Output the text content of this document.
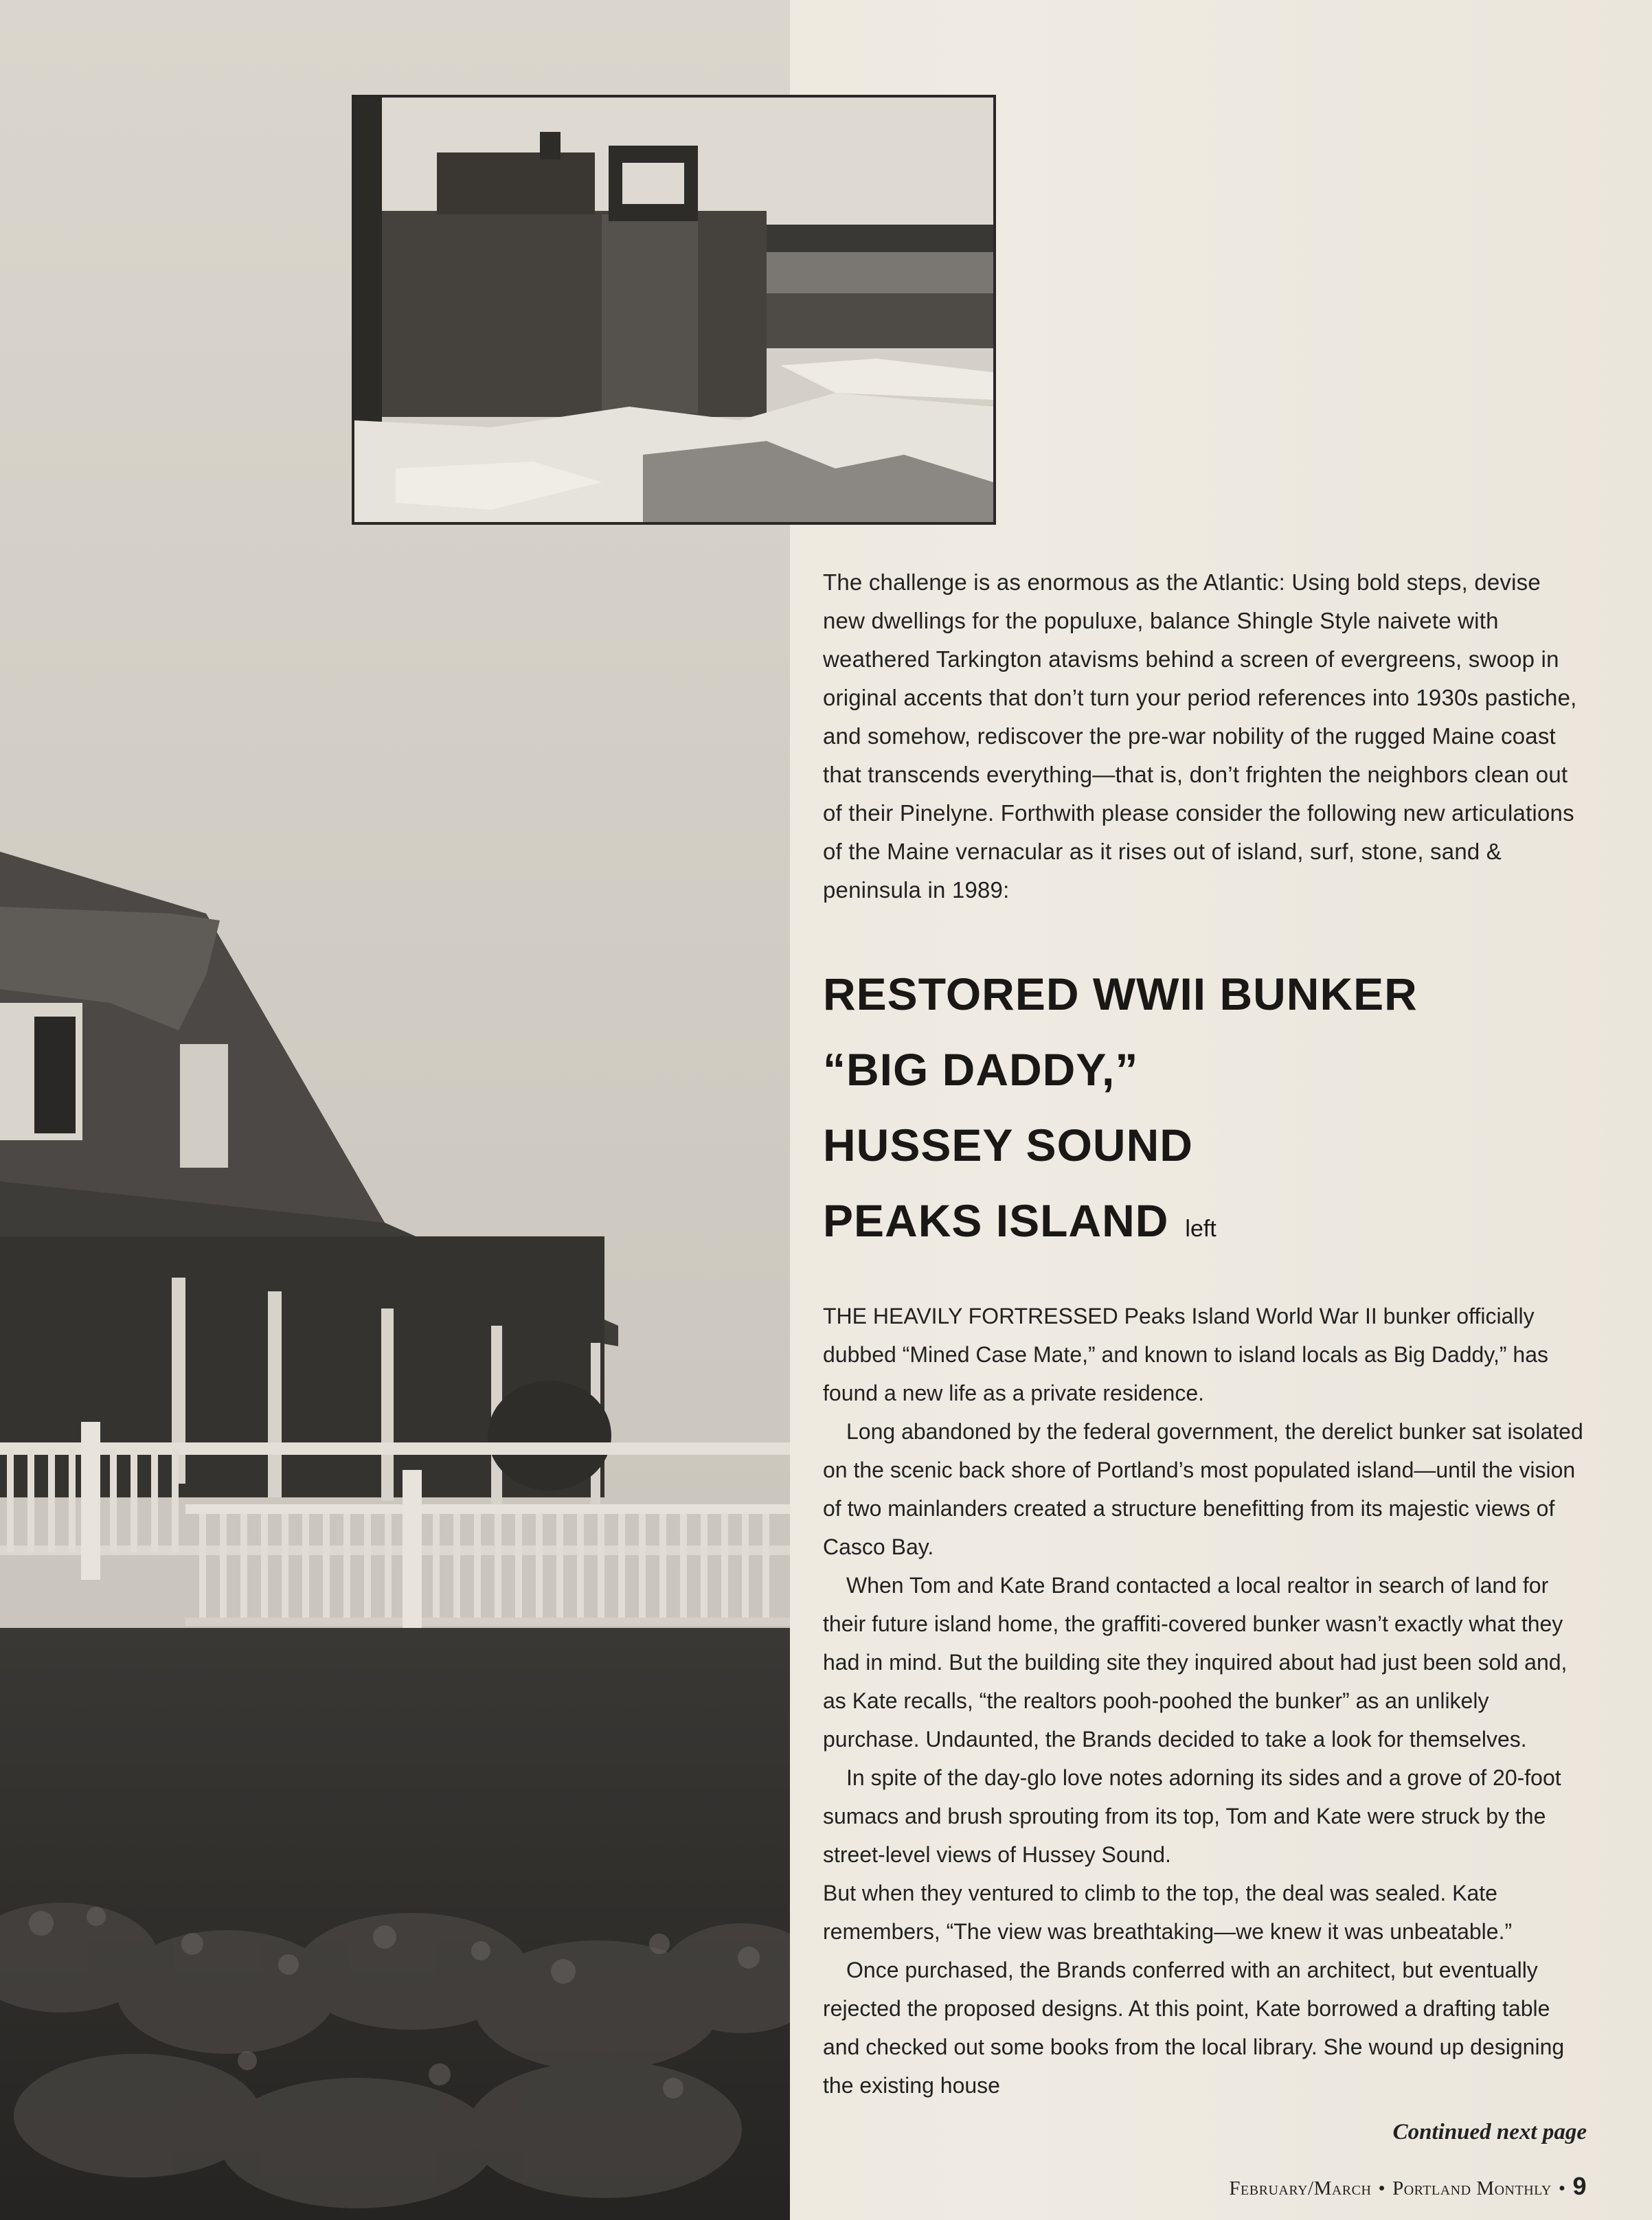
The challenge is as enormous as the Atlantic: Using bold steps, devise new dwellings for the populuxe, balance Shingle Style naivete with weathered Tarkington atavisms behind a screen of evergreens, swoop in original accents that don’t turn your period references into 1930s pastiche, and somehow, rediscover the pre-war nobility of the rugged Maine coast that transcends everything—that is, don’t frighten the neighbors clean out of their Pinelyne. Forthwith please consider the following new articulations of the Maine vernacular as it rises out of island, surf, stone, sand & peninsula in 1989:

RESTORED WWII BUNKER
“BIG DADDY,”
HUSSEY SOUND
PEAKS ISLAND left

THE HEAVILY FORTRESSED Peaks Island World War II bunker officially dubbed “Mined Case Mate,” and known to island locals as Big Daddy,” has found a new life as a private residence.

Long abandoned by the federal government, the derelict bunker sat isolated on the scenic back shore of Portland’s most populated island—until the vision of two mainlanders created a structure benefitting from its majestic views of Casco Bay.

When Tom and Kate Brand contacted a local realtor in search of land for their future island home, the graffiti-covered bunker wasn’t exactly what they had in mind. But the building site they inquired about had just been sold and, as Kate recalls, “the realtors pooh-poohed the bunker” as an unlikely purchase. Undaunted, the Brands decided to take a look for themselves.

In spite of the day-glo love notes adorning its sides and a grove of 20-foot sumacs and brush sprouting from its top, Tom and Kate were struck by the street-level views of Hussey Sound.

But when they ventured to climb to the top, the deal was sealed. Kate remembers, “The view was breathtaking—we knew it was unbeatable.”

Once purchased, the Brands conferred with an architect, but eventually rejected the proposed designs. At this point, Kate borrowed a drafting table and checked out some books from the local library. She wound up designing the existing house

Continued next page
February/March • Portland Monthly • 9
